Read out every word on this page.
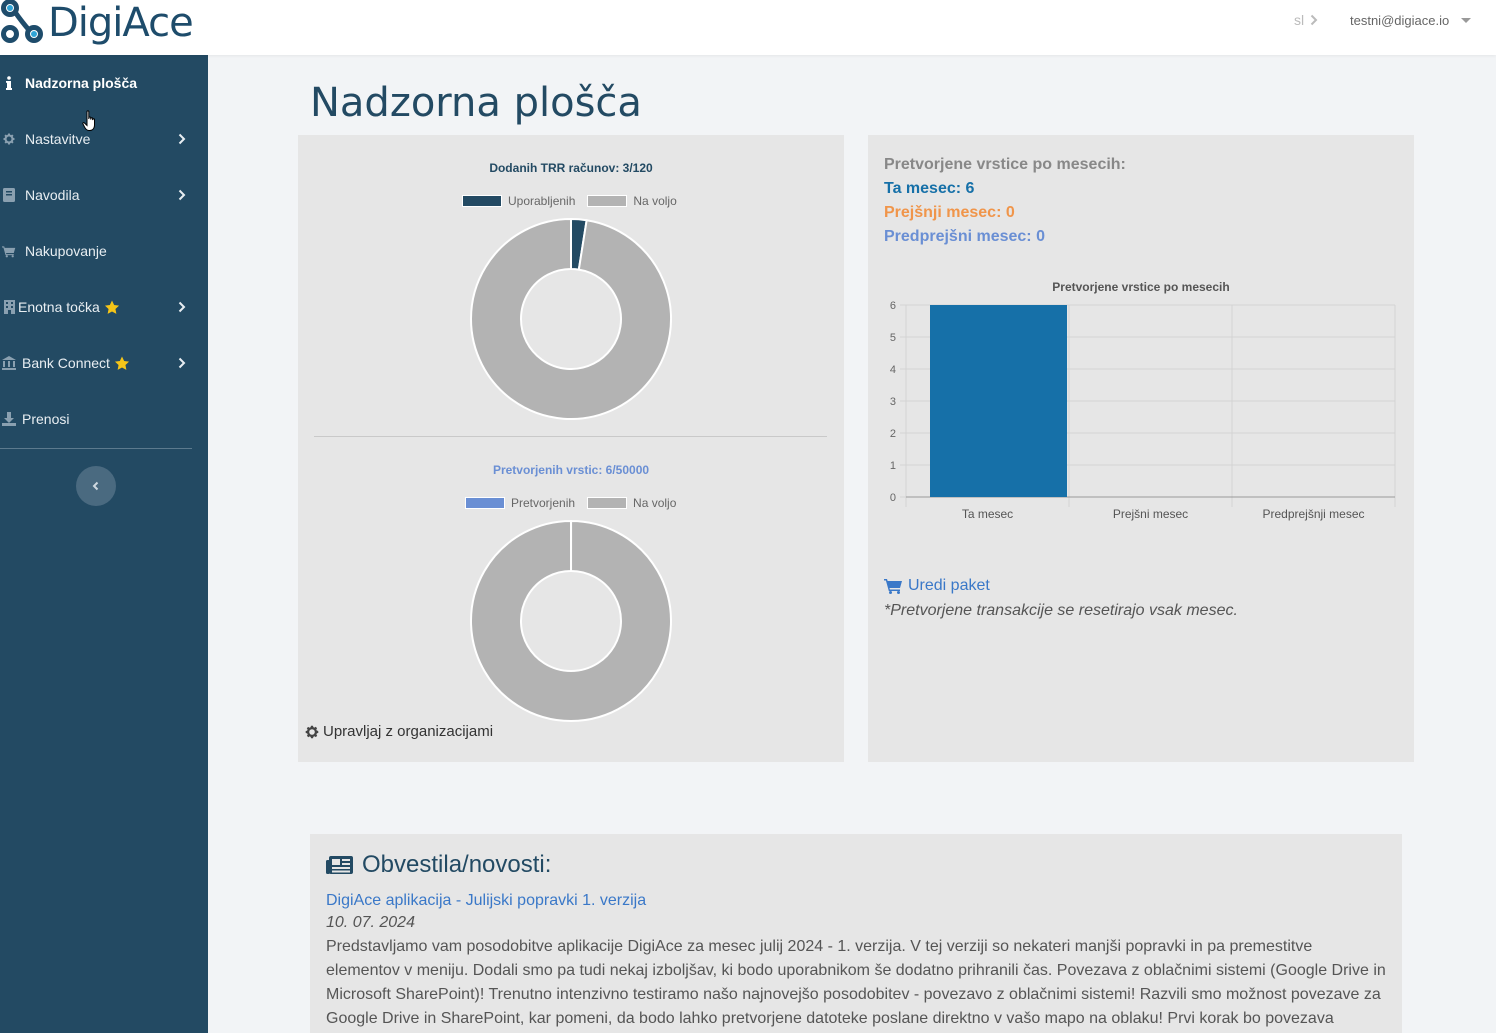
DigiAce	sl	testni@digiace.io
Nadzorna plošča
Nastavitve
Navodila
Nakupovanje
Enotna točka
Bank Connect
Prenosi
Nadzorna plošča
Dodanih TRR računov: 3/120
Uporabljenih	Na voljo
Pretvorjenih vrstic: 6/50000
Pretvorjenih	Na voljo
Upravljaj z organizacijami
Pretvorjene vrstice po mesecih:
Ta mesec: 6
Prejšnji mesec: 0
Predprejšni mesec: 0
Pretvorjene vrstice po mesecih
0
1
2
3
4
5
6
Ta mesec	Prejšni mesec	Predprejšnji mesec
Uredi paket
*Pretvorjene transakcije se resetirajo vsak mesec.
Obvestila/novosti:
DigiAce aplikacija - Julijski popravki 1. verzija
10. 07. 2024
Predstavljamo vam posodobitve aplikacije DigiAce za mesec julij 2024 - 1. verzija. V tej verziji so nekateri manjši popravki in pa premestitve elementov v meniju. Dodali smo pa tudi nekaj izboljšav, ki bodo uporabnikom še dodatno prihranili čas. Povezava z oblačnimi sistemi (Google Drive in Microsoft SharePoint)! Trenutno intenzivno testiramo našo najnovejšo posodobitev - povezavo z oblačnimi sistemi! Razvili smo možnost povezave za Google Drive in SharePoint, kar pomeni, da bodo lahko pretvorjene datoteke poslane direktno v vašo mapo na oblaku! Prvi korak bo povezava
